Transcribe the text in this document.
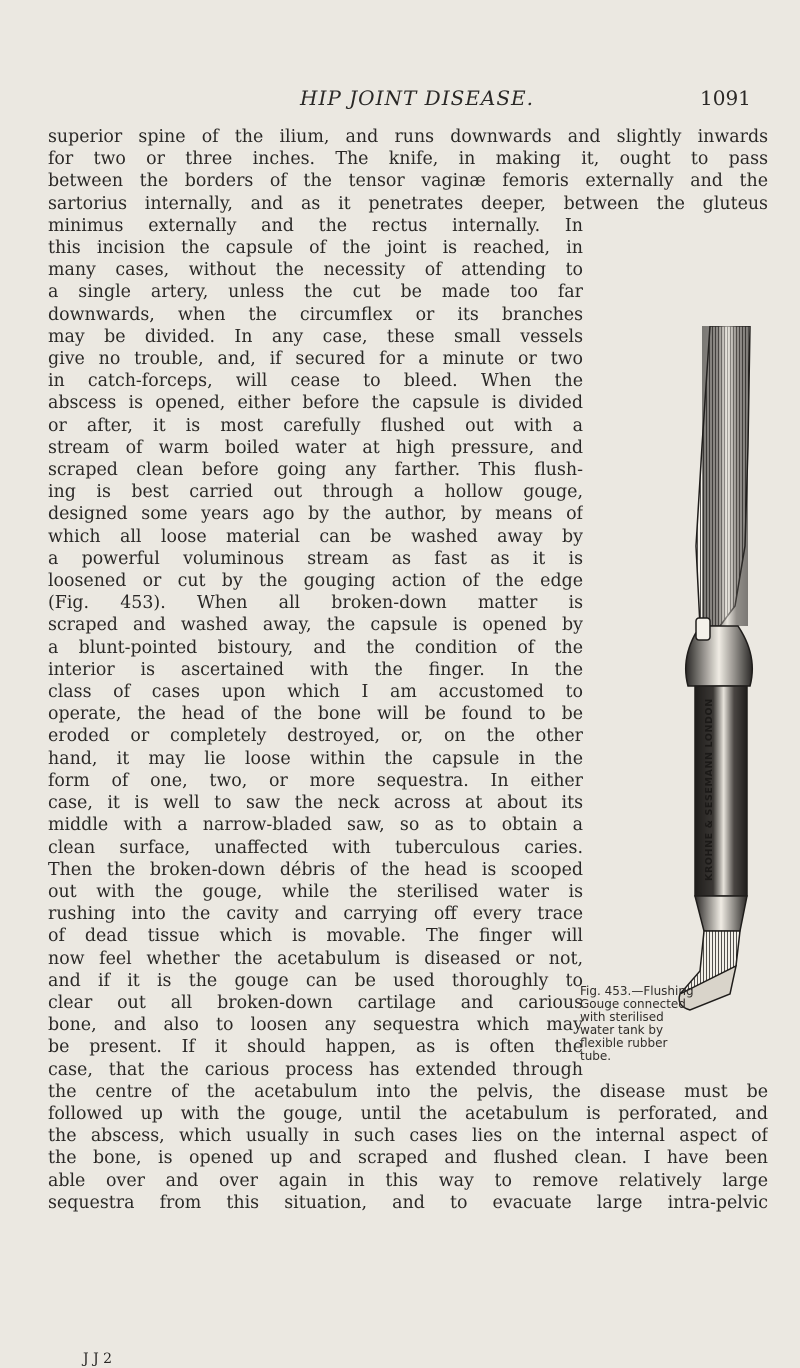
HIP JOINT DISEASE.	1091
superior spine of the ilium, and runs downwards and slightly inwards
for two or three inches. The knife, in making it, ought to pass
between the borders of the tensor vaginæ femoris externally and the
sartorius internally, and as it penetrates deeper, between the gluteus
minimus externally and the rectus internally. In
this incision the capsule of the joint is reached, in
many cases, without the necessity of attending to
a single artery, unless the cut be made too far
downwards, when the circumflex or its branches
may be divided. In any case, these small vessels
give no trouble, and, if secured for a minute or two
in catch-forceps, will cease to bleed. When the
abscess is opened, either before the capsule is divided
or after, it is most carefully flushed out with a
stream of warm boiled water at high pressure, and
scraped clean before going any farther. This flush-
ing is best carried out through a hollow gouge,
designed some years ago by the author, by means of
which all loose material can be washed away by
a powerful voluminous stream as fast as it is
loosened or cut by the gouging action of the edge
(Fig. 453). When all broken-down matter is
scraped and washed away, the capsule is opened by
a blunt-pointed bistoury, and the condition of the
interior is ascertained with the finger. In the
class of cases upon which I am accustomed to
operate, the head of the bone will be found to be
eroded or completely destroyed, or, on the other
hand, it may lie loose within the capsule in the
form of one, two, or more sequestra. In either
case, it is well to saw the neck across at about its
middle with a narrow-bladed saw, so as to obtain a
clean surface, unaffected with tuberculous caries.
Then the broken-down débris of the head is scooped
out with the gouge, while the sterilised water is
rushing into the cavity and carrying off every trace
of dead tissue which is movable. The finger will
now feel whether the acetabulum is diseased or not,
and if it is the gouge can be used thoroughly to
clear out all broken-down cartilage and carious
bone, and also to loosen any sequestra which may
be present. If it should happen, as is often the
case, that the carious process has extended through
the centre of the acetabulum into the pelvis, the disease must be
followed up with the gouge, until the acetabulum is perforated, and
the abscess, which usually in such cases lies on the internal aspect of
the bone, is opened up and scraped and flushed clean. I have been
able over and over again in this way to remove relatively large
sequestra from this situation, and to evacuate large intra-pelvic
KROHNE & SESEMANN LONDON
Fig. 453.—Flushing
Gouge connected
with sterilised
water tank by
flexible rubber
tube.
J J 2
